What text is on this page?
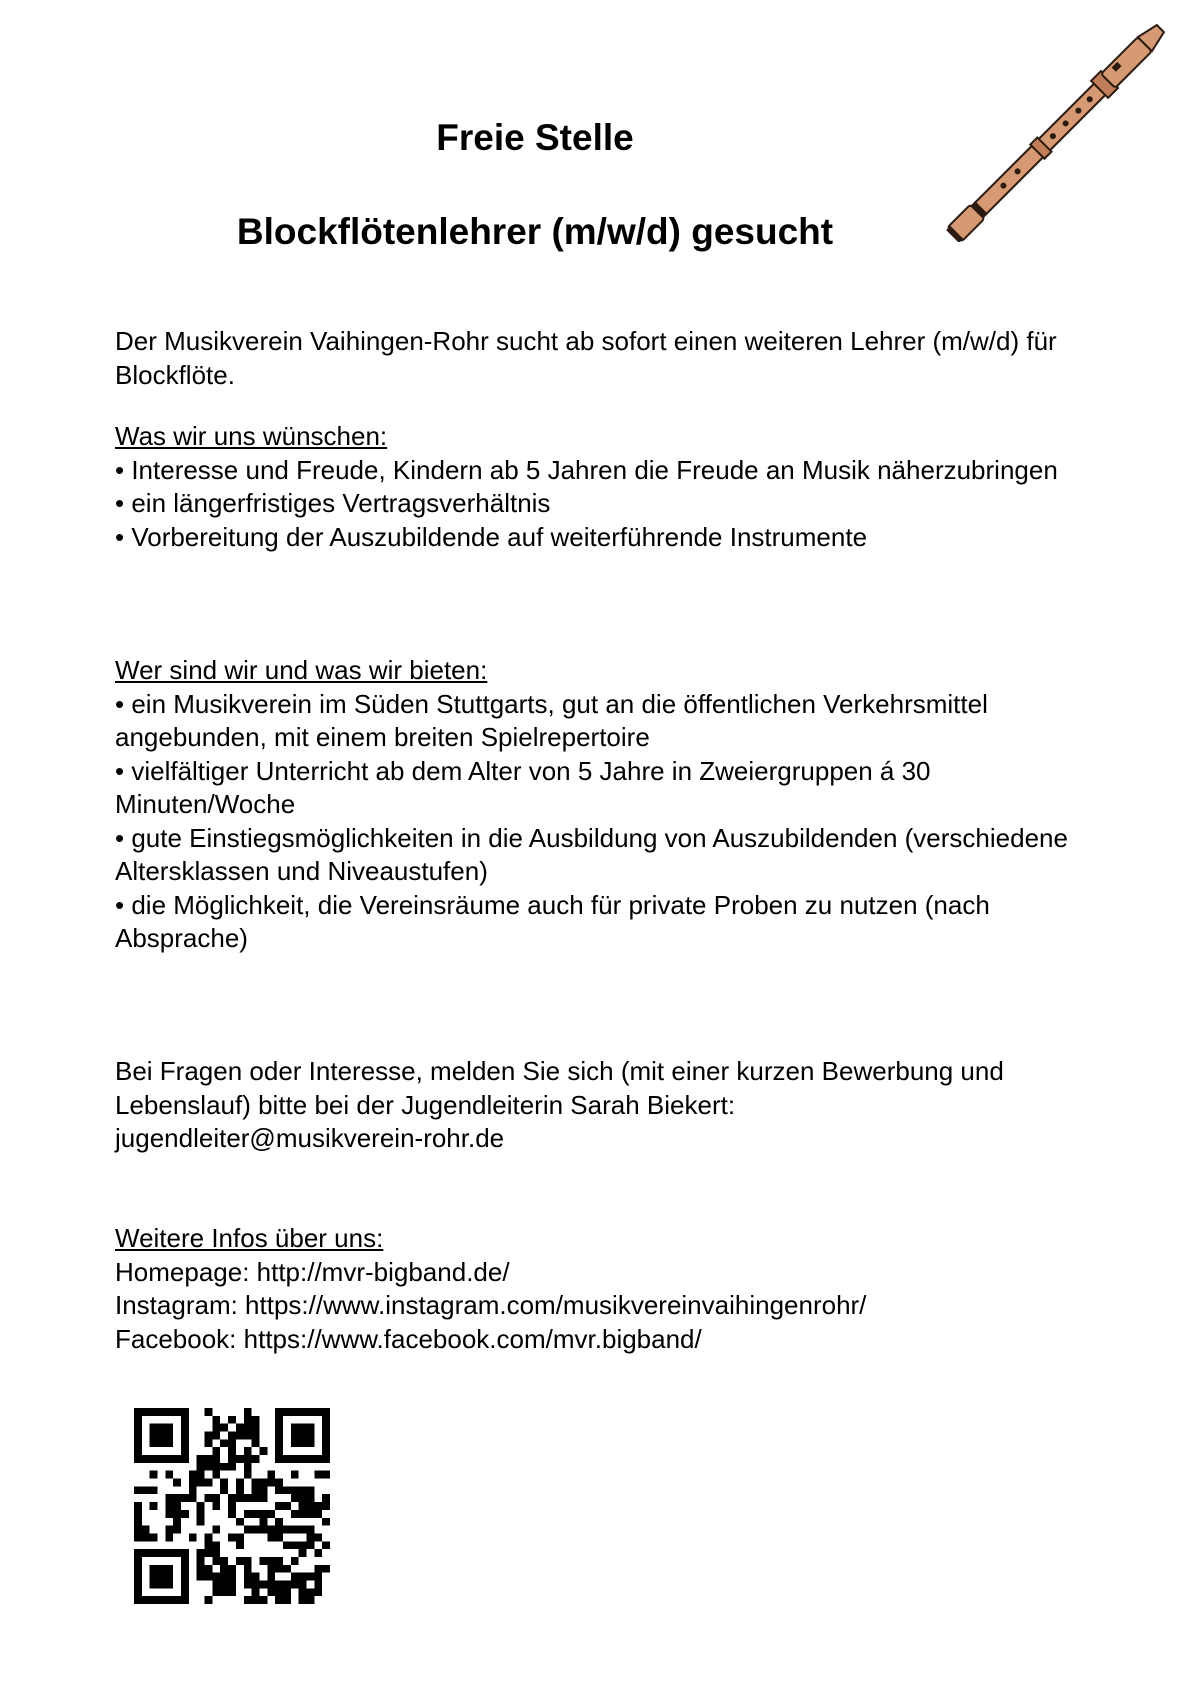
Freie Stelle
Blockflötenlehrer (m/w/d) gesucht

Der Musikverein Vaihingen-Rohr sucht ab sofort einen weiteren Lehrer (m/w/d) für Blockflöte.

Was wir uns wünschen:

• Interesse und Freude, Kindern ab 5 Jahren die Freude an Musik näherzubringen

• ein längerfristiges Vertragsverhältnis

• Vorbereitung der Auszubildende auf weiterführende Instrumente

Wer sind wir und was wir bieten:

• ein Musikverein im Süden Stuttgarts, gut an die öffentlichen Verkehrsmittel angebunden, mit einem breiten Spielrepertoire

• vielfältiger Unterricht ab dem Alter von 5 Jahre in Zweiergruppen á 30 Minuten/Woche

• gute Einstiegsmöglichkeiten in die Ausbildung von Auszubildenden (verschiedene Altersklassen und Niveaustufen)

• die Möglichkeit, die Vereinsräume auch für private Proben zu nutzen (nach Absprache)

Bei Fragen oder Interesse, melden Sie sich (mit einer kurzen Bewerbung und Lebenslauf) bitte bei der Jugendleiterin Sarah Biekert:

jugendleiter@musikverein-rohr.de

Weitere Infos über uns:

Homepage: http://mvr-bigband.de/

Instagram: https://www.instagram.com/musikvereinvaihingenrohr/

Facebook: https://www.facebook.com/mvr.bigband/
